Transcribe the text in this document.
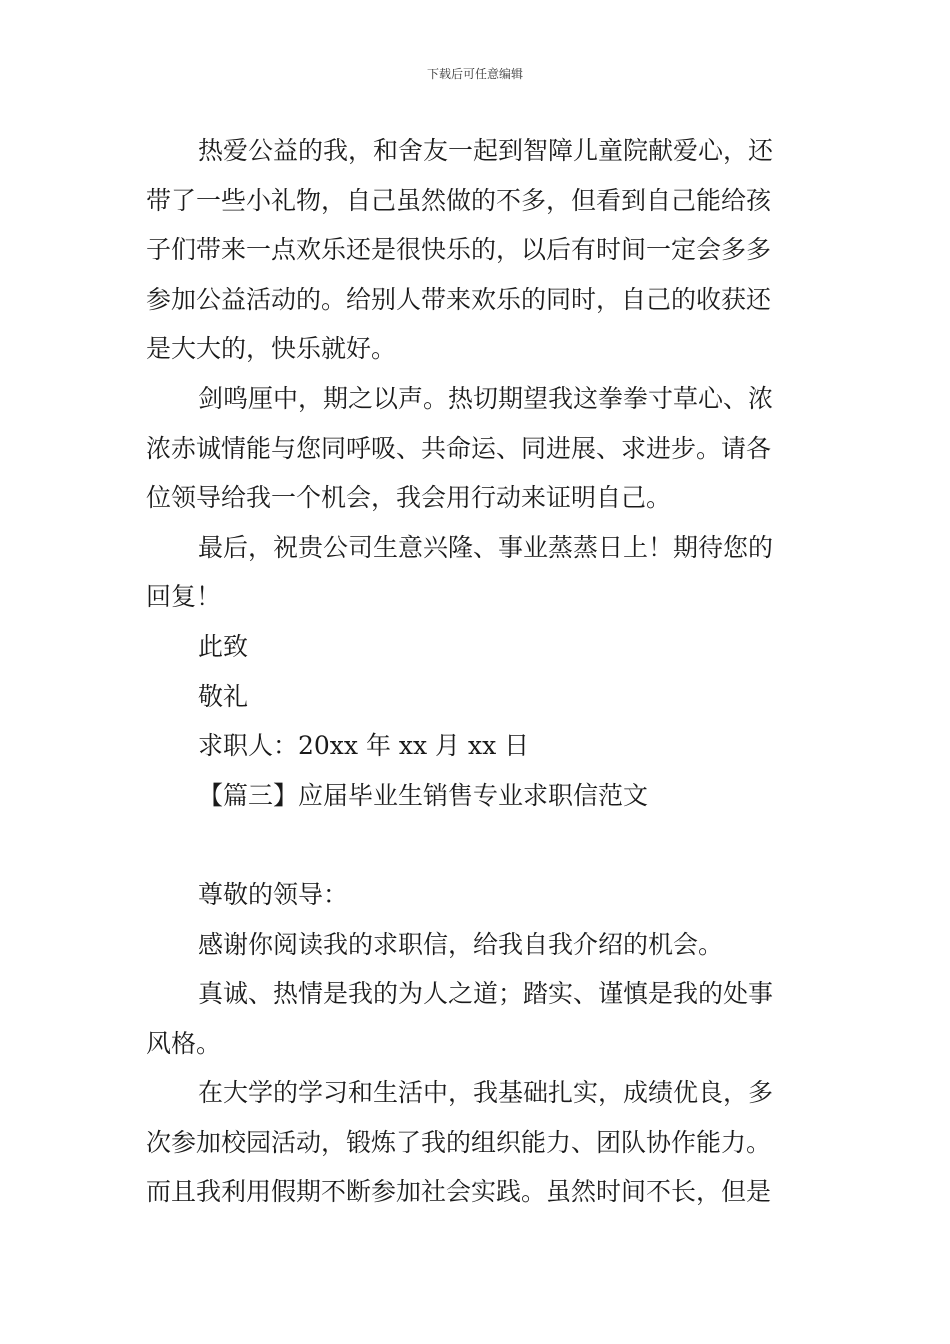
下载后可任意编辑
热爱公益的我，和舍友一起到智障儿童院献爱心，还
带了一些小礼物，自己虽然做的不多，但看到自己能给孩
子们带来一点欢乐还是很快乐的，以后有时间一定会多多
参加公益活动的。给别人带来欢乐的同时，自己的收获还
是大大的，快乐就好。
剑鸣厘中，期之以声。热切期望我这拳拳寸草心、浓
浓赤诚情能与您同呼吸、共命运、同进展、求进步。请各
位领导给我一个机会，我会用行动来证明自己。
最后，祝贵公司生意兴隆、事业蒸蒸日上！期待您的
回复！
此致
敬礼
求职人：20xx 年 xx 月 xx 日
【篇三】应届毕业生销售专业求职信范文
尊敬的领导：
感谢你阅读我的求职信，给我自我介绍的机会。
真诚、热情是我的为人之道；踏实、谨慎是我的处事
风格。
在大学的学习和生活中，我基础扎实，成绩优良，多
次参加校园活动，锻炼了我的组织能力、团队协作能力。
而且我利用假期不断参加社会实践。虽然时间不长，但是
